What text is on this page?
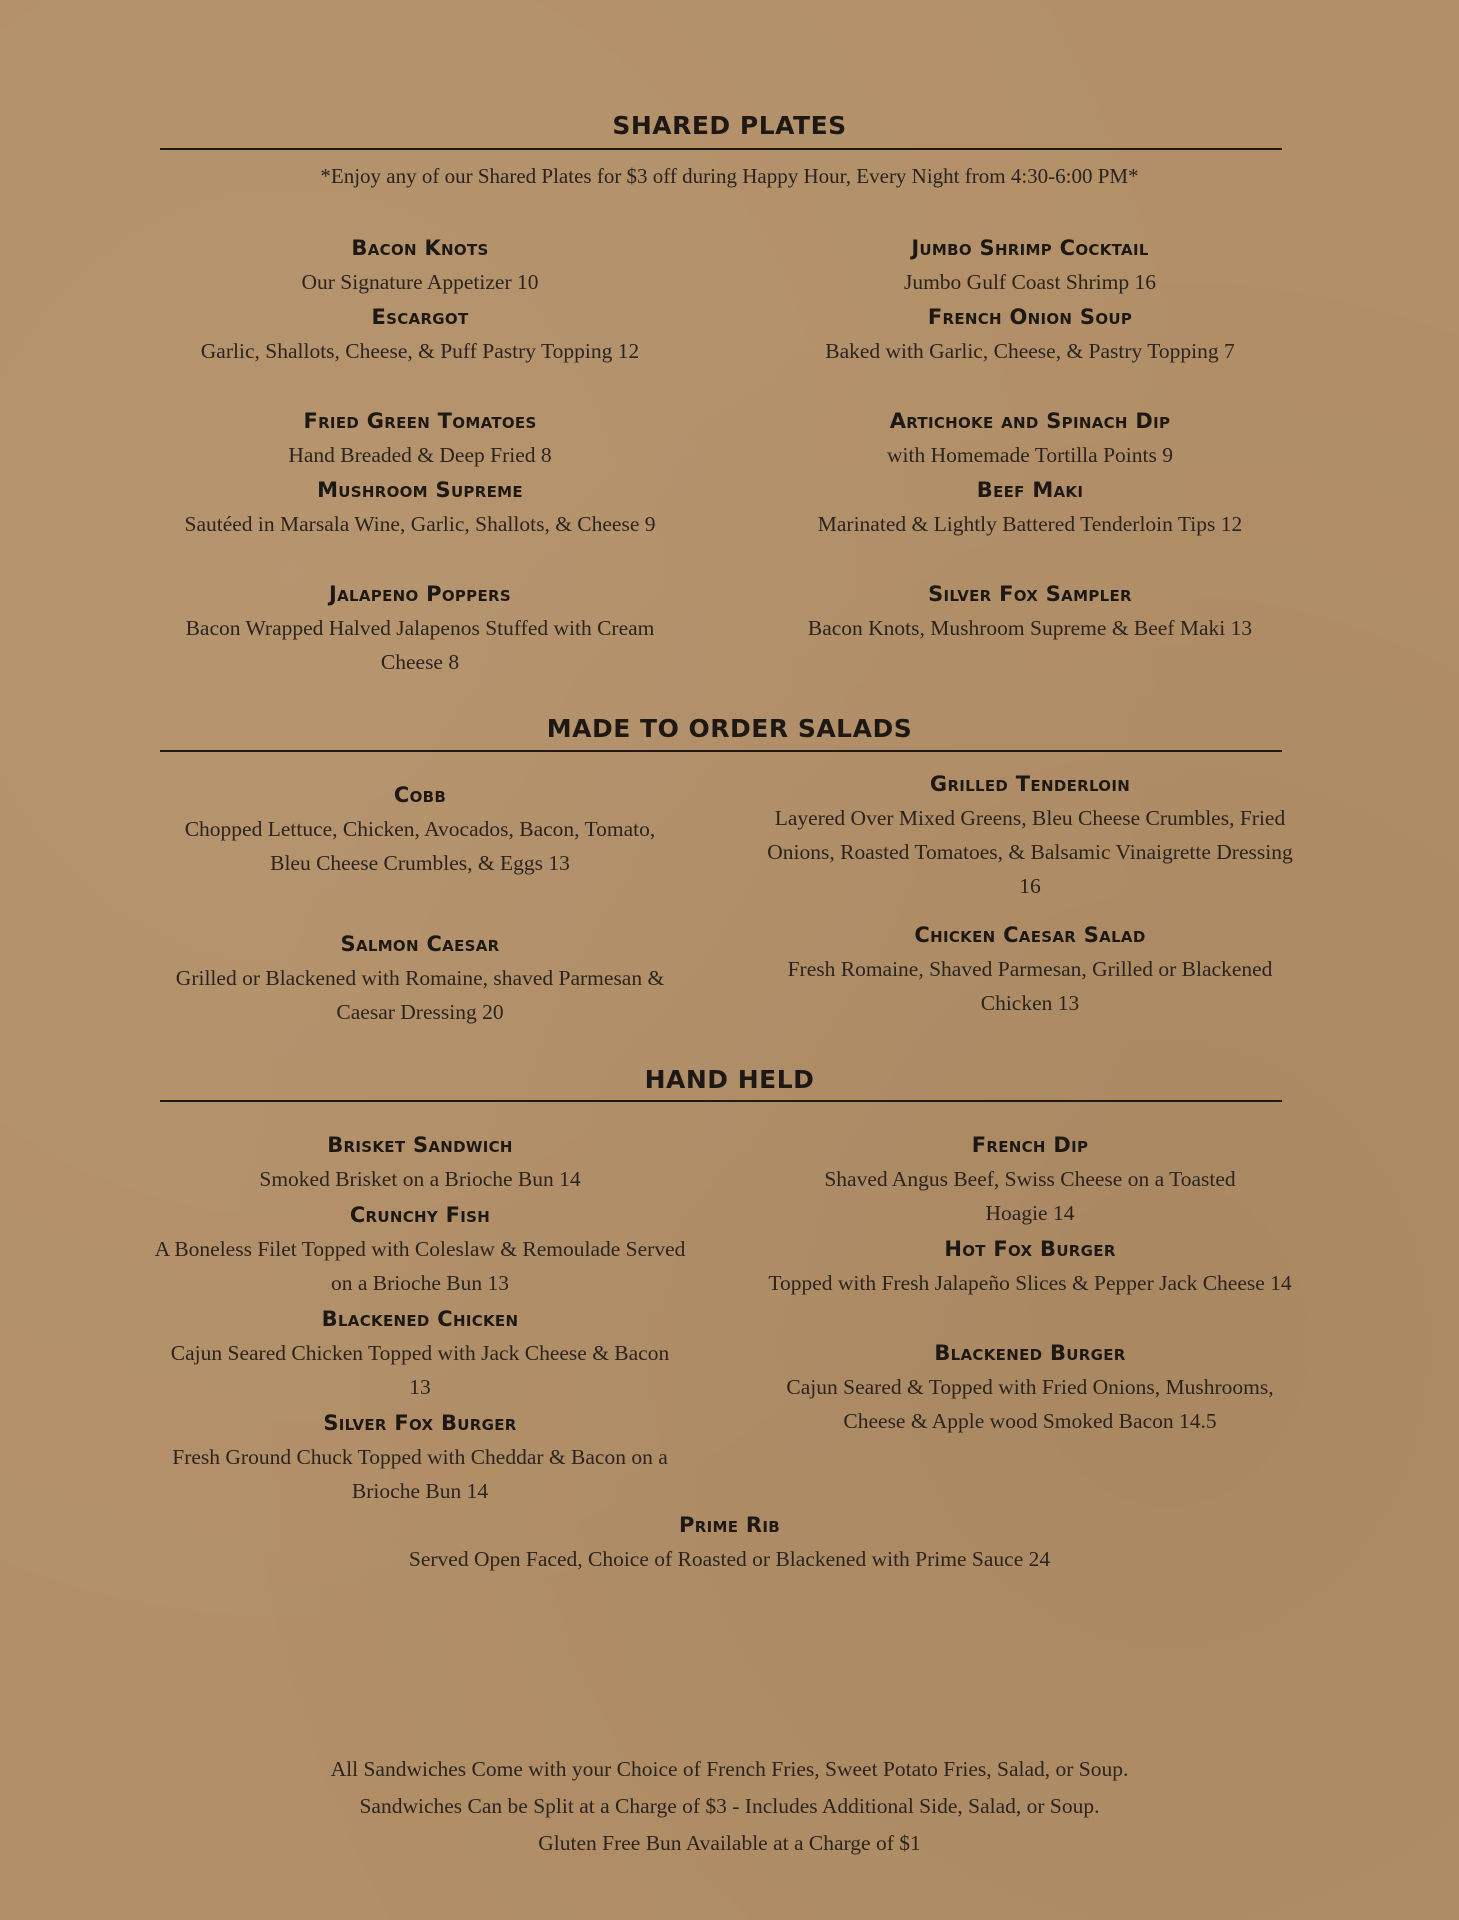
SHARED PLATES
*Enjoy any of our Shared Plates for $3 off during Happy Hour, Every Night from 4:30-6:00 PM*
Bacon Knots
Our Signature Appetizer 10
Escargot
Garlic, Shallots, Cheese, & Puff Pastry Topping 12
Fried Green Tomatoes
Hand Breaded & Deep Fried 8
Mushroom Supreme
Sautéed in Marsala Wine, Garlic, Shallots, & Cheese 9
Jalapeno Poppers
Bacon Wrapped Halved Jalapenos Stuffed with Cream Cheese 8
Jumbo Shrimp Cocktail
Jumbo Gulf Coast Shrimp 16
French Onion Soup
Baked with Garlic, Cheese, & Pastry Topping 7
Artichoke and Spinach Dip
with Homemade Tortilla Points 9
Beef Maki
Marinated & Lightly Battered Tenderloin Tips 12
Silver Fox Sampler
Bacon Knots, Mushroom Supreme & Beef Maki 13
MADE TO ORDER SALADS
Cobb
Chopped Lettuce, Chicken, Avocados, Bacon, Tomato, Bleu Cheese Crumbles, & Eggs 13
Salmon Caesar
Grilled or Blackened with Romaine, shaved Parmesan & Caesar Dressing 20
Grilled Tenderloin
Layered Over Mixed Greens, Bleu Cheese Crumbles, Fried Onions, Roasted Tomatoes, & Balsamic Vinaigrette Dressing 16
Chicken Caesar Salad
Fresh Romaine, Shaved Parmesan, Grilled or Blackened Chicken 13
HAND HELD
Brisket Sandwich
Smoked Brisket on a Brioche Bun 14
Crunchy Fish
A Boneless Filet Topped with Coleslaw & Remoulade Served on a Brioche Bun 13
Blackened Chicken
Cajun Seared Chicken Topped with Jack Cheese & Bacon 13
Silver Fox Burger
Fresh Ground Chuck Topped with Cheddar & Bacon on a Brioche Bun 14
French Dip
Shaved Angus Beef, Swiss Cheese on a Toasted Hoagie 14
Hot Fox Burger
Topped with Fresh Jalapeño Slices & Pepper Jack Cheese 14
Blackened Burger
Cajun Seared & Topped with Fried Onions, Mushrooms, Cheese & Apple wood Smoked Bacon 14.5
Prime Rib
Served Open Faced, Choice of Roasted or Blackened with Prime Sauce 24
All Sandwiches Come with your Choice of French Fries, Sweet Potato Fries, Salad, or Soup.
Sandwiches Can be Split at a Charge of $3 - Includes Additional Side, Salad, or Soup.
Gluten Free Bun Available at a Charge of $1
